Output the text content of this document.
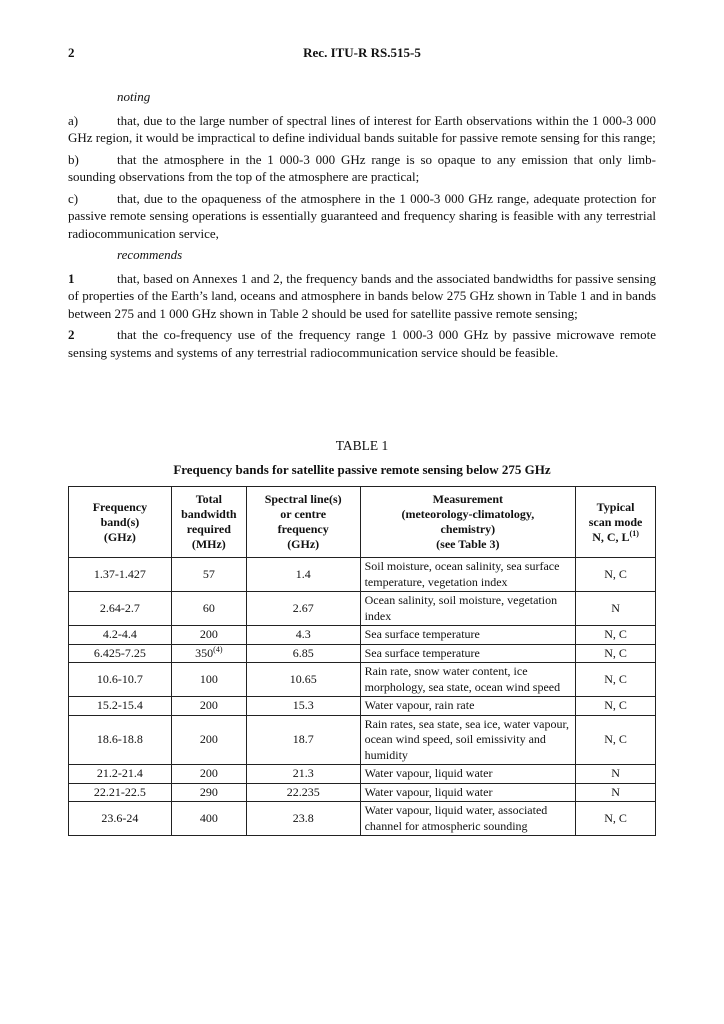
2	Rec. ITU-R RS.515-5

noting

a)	that, due to the large number of spectral lines of interest for Earth observations within the 1 000-3 000 GHz region, it would be impractical to define individual bands suitable for passive remote sensing for this range;

b)	that the atmosphere in the 1 000-3 000 GHz range is so opaque to any emission that only limb-sounding observations from the top of the atmosphere are practical;

c)	that, due to the opaqueness of the atmosphere in the 1 000-3 000 GHz range, adequate protection for passive remote sensing operations is essentially guaranteed and frequency sharing is feasible with any terrestrial radiocommunication service,

recommends

1	that, based on Annexes 1 and 2, the frequency bands and the associated bandwidths for passive sensing of properties of the Earth’s land, oceans and atmosphere in bands below 275 GHz shown in Table 1 and in bands between 275 and 1 000 GHz shown in Table 2 should be used for satellite passive remote sensing;

2	that the co-frequency use of the frequency range 1 000-3 000 GHz by passive microwave remote sensing systems and systems of any terrestrial radiocommunication service should be feasible.

TABLE 1
Frequency bands for satellite passive remote sensing below 275 GHz
Frequency
band(s)
(GHz)	Total
bandwidth
required
(MHz)	Spectral line(s)
or centre
frequency
(GHz)	Measurement
(meteorology-climatology,
chemistry)
(see Table 3)	Typical
scan mode
N, C, $L^{(1)}$
1.37-1.427	57	1.4	Soil moisture, ocean salinity, sea surface temperature, vegetation index	N, C
2.64-2.7	60	2.67	Ocean salinity, soil moisture, vegetation index	N
4.2-4.4	200	4.3	Sea surface temperature	N, C
6.425-7.25	350$^{(4)}$	6.85	Sea surface temperature	N, C
10.6-10.7	100	10.65	Rain rate, snow water content, ice morphology, sea state, ocean wind speed	N, C
15.2-15.4	200	15.3	Water vapour, rain rate	N, C
18.6-18.8	200	18.7	Rain rates, sea state, sea ice, water vapour, ocean wind speed, soil emissivity and humidity	N, C
21.2-21.4	200	21.3	Water vapour, liquid water	N
22.21-22.5	290	22.235	Water vapour, liquid water	N
23.6-24	400	23.8	Water vapour, liquid water, associated channel for atmospheric sounding	N, C
